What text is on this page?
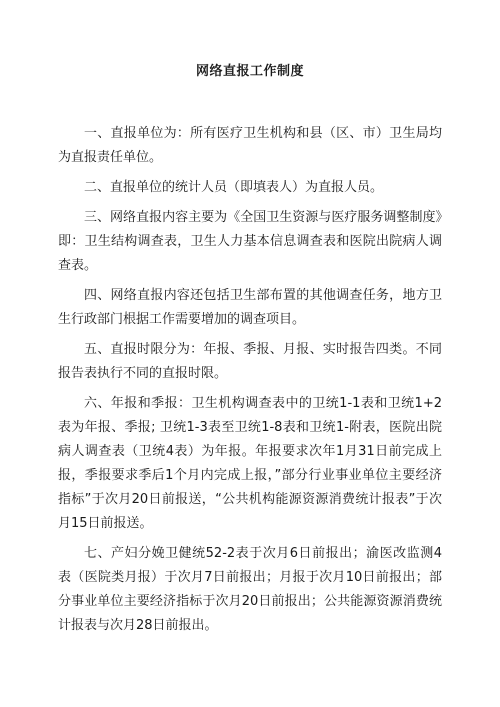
网络直报工作制度

一、直报单位为：所有医疗卫生机构和县（区、市）卫生局均为直报责任单位。

二、直报单位的统计人员（即填表人）为直报人员。

三、网络直报内容主要为《全国卫生资源与医疗服务调整制度》即：卫生结构调查表，卫生人力基本信息调查表和医院出院病人调查表。

四、网络直报内容还包括卫生部布置的其他调查任务，地方卫生行政部门根据工作需要增加的调查项目。

五、直报时限分为：年报、季报、月报、实时报告四类。不同报告表执行不同的直报时限。

六、年报和季报：卫生机构调查表中的卫统1-1表和卫统1+2表为年报、季报; 卫统1-3表至卫统1-8表和卫统1-附表，医院出院病人调查表（卫统4表）为年报。年报要求次年1月31日前完成上报，季报要求季后1个月内完成上报，”部分行业事业单位主要经济指标”于次月20日前报送，“公共机构能源资源消费统计报表”于次月15日前报送。

七、产妇分娩卫健统52-2表于次月6日前报出；渝医改监测4表（医院类月报）于次月7日前报出；月报于次月10日前报出；部分事业单位主要经济指标于次月20日前报出；公共能源资源消费统计报表与次月28日前报出。
